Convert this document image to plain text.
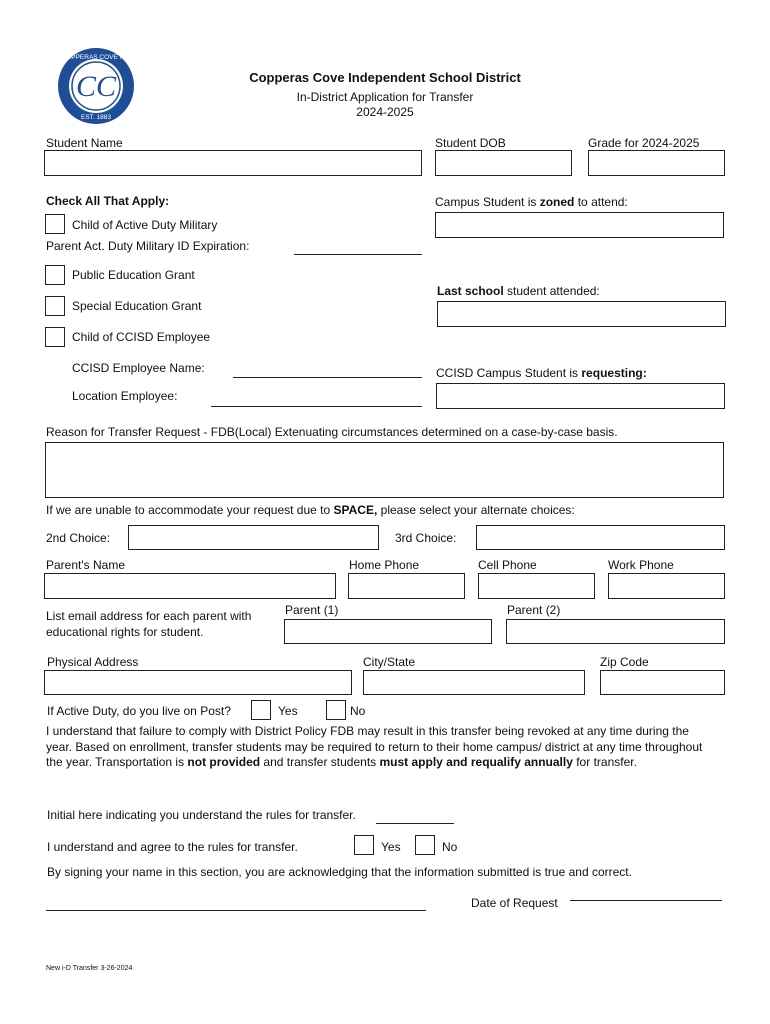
CC
COPPERAS COVE ISD
EST. 1883
Copperas Cove Independent School District
In-District Application for Transfer
2024-2025
Student Name	Student DOB	Grade for 2024-2025
Check All That Apply:	Campus Student is zoned to attend:
Child of Active Duty Military
Parent Act. Duty Military ID Expiration:
Public Education Grant
Last school student attended:
Special Education Grant
Child of CCISD Employee
CCISD Employee Name:	CCISD Campus Student is requesting:
Location Employee:
Reason for Transfer Request - FDB(Local) Extenuating circumstances determined on a case-by-case basis.
If we are unable to accommodate your request due to SPACE, please select your alternate choices:
2nd Choice:	3rd Choice:
Parent's Name	Home Phone	Cell Phone	Work Phone
List email address for each parent with
educational rights for student.
Parent (1)	Parent (2)
Physical Address	City/State	Zip Code
If Active Duty, do you live on Post?	Yes	No
I understand that failure to comply with District Policy FDB may result in this transfer being revoked at any time during the year. Based on enrollment, transfer students may be required to return to their home campus/ district at any time throughout the year. Transportation is not provided and transfer students must apply and requalify annually for transfer.
Initial here indicating you understand the rules for transfer.
I understand and agree to the rules for transfer.	Yes	No
By signing your name in this section, you are acknowledging that the information submitted is true and correct.
Date of Request
New i-D Transfer 3-26-2024
